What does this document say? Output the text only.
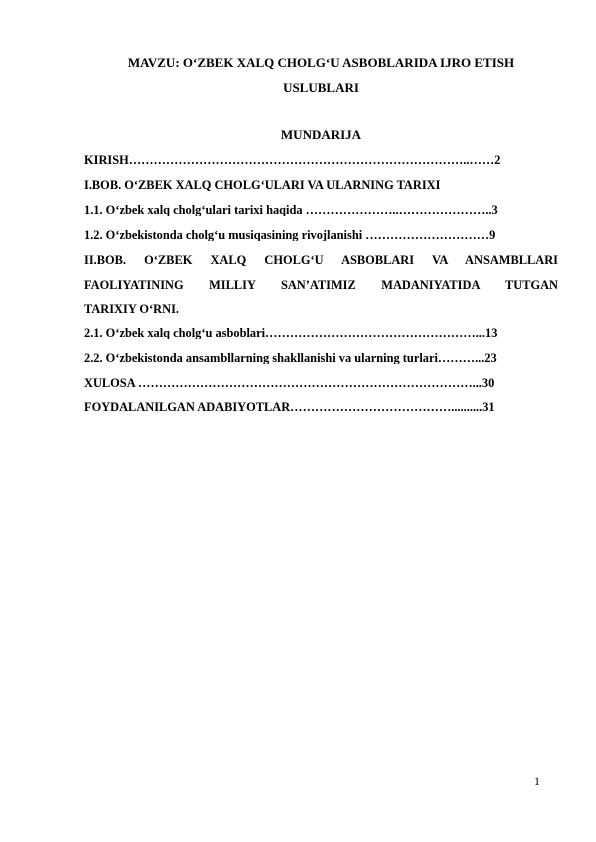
MAVZU: O‘ZBEK XALQ CHOLG‘U ASBOBLARIDA IJRO ETISH
USLUBLARI
MUNDARIJA
KIRISH………………………………………………………………………..……2
I.BOB. O‘ZBEK XALQ CHOLG‘ULARI VA ULARNING TARIXI
1.1. O‘zbek xalq cholg‘ulari tarixi haqida …………………..…………………..3
1.2. O‘zbekistonda cholg‘u musiqasining rivojlanishi …………………………9
II.BOB. O‘ZBEK XALQ CHOLG‘U ASBOBLARI VA ANSAMBLLARI
FAOLIYATINING MILLIY SAN’ATIMIZ MADANIYATIDA TUTGAN
TARIXIY O‘RNI.
2.1. O‘zbek xalq cholg‘u asboblari……………………………………………...13
2.2. O‘zbekistonda ansambllarning shakllanishi va ularning turlari………...23
XULOSA ………………………………………………………………………...30
FOYDALANILGAN ADABIYOTLAR…………………………………..........31
1
